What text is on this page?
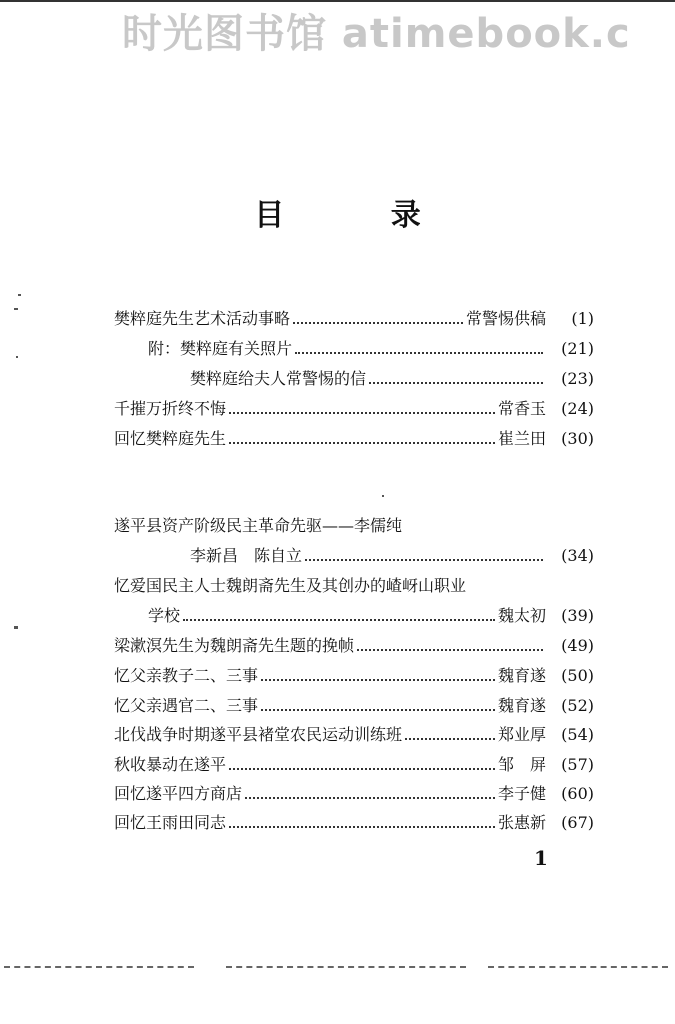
时光图书馆 atimebook.c
目 录
樊粹庭先生艺术活动事略	常警惕供稿	(1)
附：樊粹庭有关照片	(21)
樊粹庭给夫人常警惕的信	(23)
千摧万折终不悔	常香玉 (24)
回忆樊粹庭先生	崔兰田 (30)
遂平县资产阶级民主革命先驱——李儒纯
李新昌　陈自立	(34)
忆爱国民主人士魏朗斋先生及其创办的嵖岈山职业
学校	魏太初 (39)
梁漱溟先生为魏朗斋先生题的挽帧	(49)
忆父亲教子二、三事	魏育遂 (50)
忆父亲遇官二、三事	魏育遂 (52)
北伐战争时期遂平县褚堂农民运动训练班	郑业厚 (54)
秋收暴动在遂平	邹　屏 (57)
回忆遂平四方商店	李子健 (60)
回忆王雨田同志	张惠新 (67)
1
